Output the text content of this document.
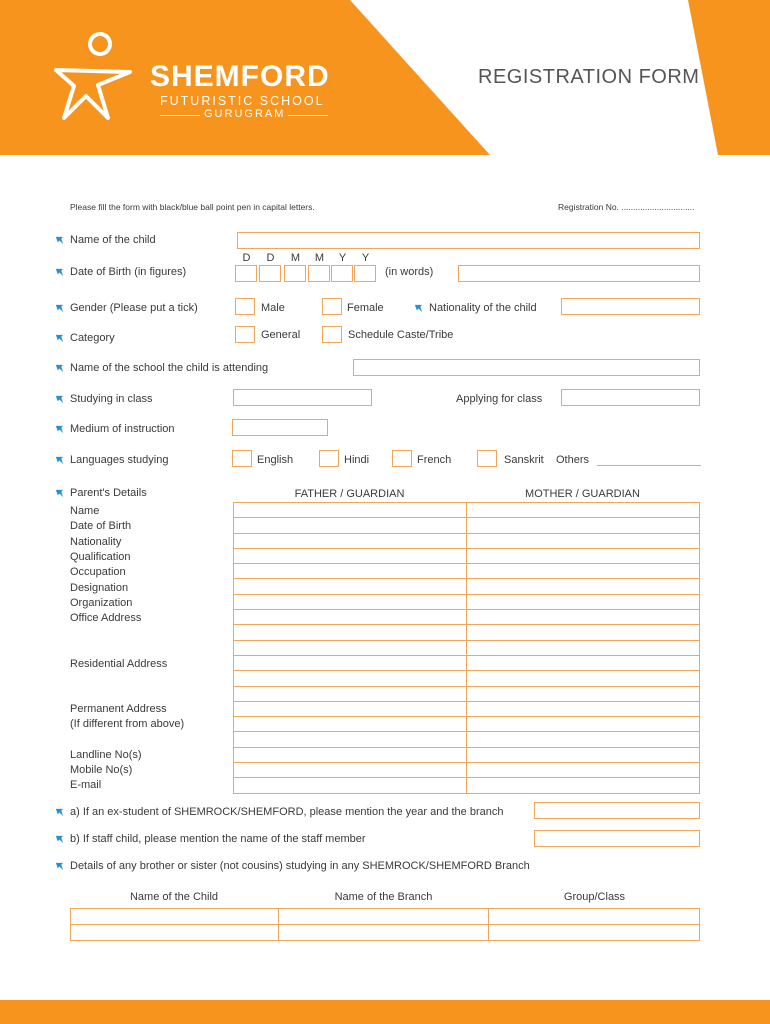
SHEMFORD
FUTURISTIC SCHOOL
GURUGRAM
REGISTRATION FORM
Please fill the form with black/blue ball point pen in capital letters.	Registration No. ...............................
Name of the child
Date of Birth (in figures)
D	D	M	M	Y	Y
(in words)
Gender (Please put a tick)	Male	Female	Nationality of the child
Category	General	Schedule Caste/Tribe
Name of the school the child is attending
Studying in class	Applying for class
Medium of instruction
Languages studying	English	Hindi	French	Sanskrit Others
Parent's Details	FATHER / GUARDIAN	MOTHER / GUARDIAN
Name
Date of Birth
Nationality
Qualification
Occupation
Designation
Organization
Office Address
Residential Address
Permanent Address
(If different from above)
Landline No(s)
Mobile No(s)
E-mail

a) If an ex-student of SHEMROCK/SHEMFORD, please mention the year and the branch
b) If staff child, please mention the name of the staff member
Details of any brother or sister (not cousins) studying in any SHEMROCK/SHEMFORD Branch
Name of the Child	Name of the Branch	Group/Class
